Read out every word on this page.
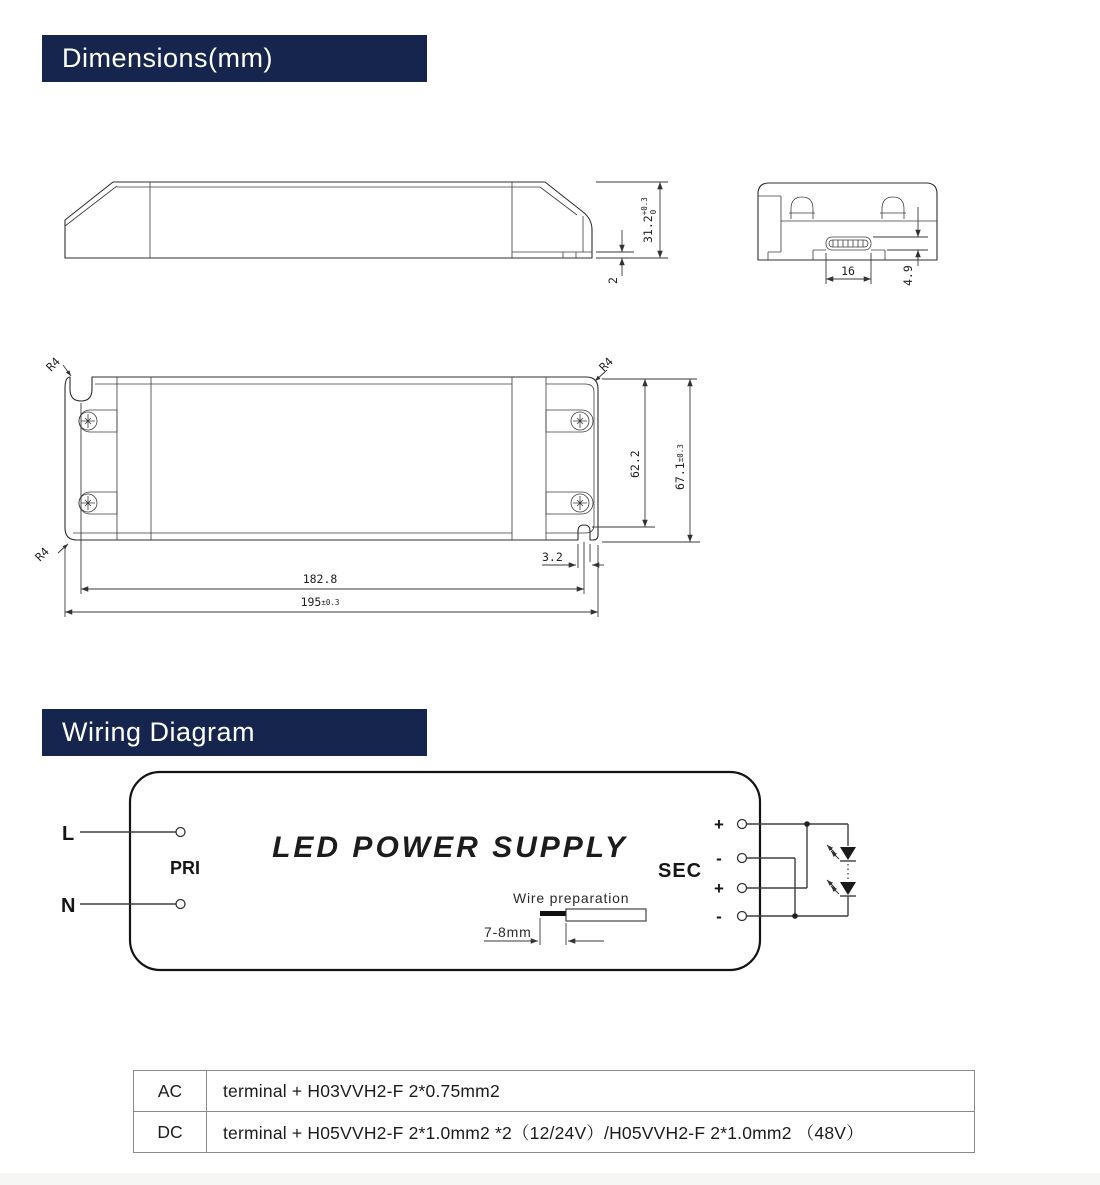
Dimensions(mm)
Wiring Diagram
$31.2^{+0.3}0$
2
16	4.9
R4
R4
R4
62.2	67.1±0.3
3.2
182.8
195±0.3
LED POWER SUPPLY
L
N
PRI	SEC
+
-
+
-
Wire preparation
7-8mm
AC	terminal + H03VVH2-F 2*0.75mm2
DC	terminal + H05VVH2-F 2*1.0mm2 *2（12/24V）/H05VVH2-F 2*1.0mm2 （48V）
